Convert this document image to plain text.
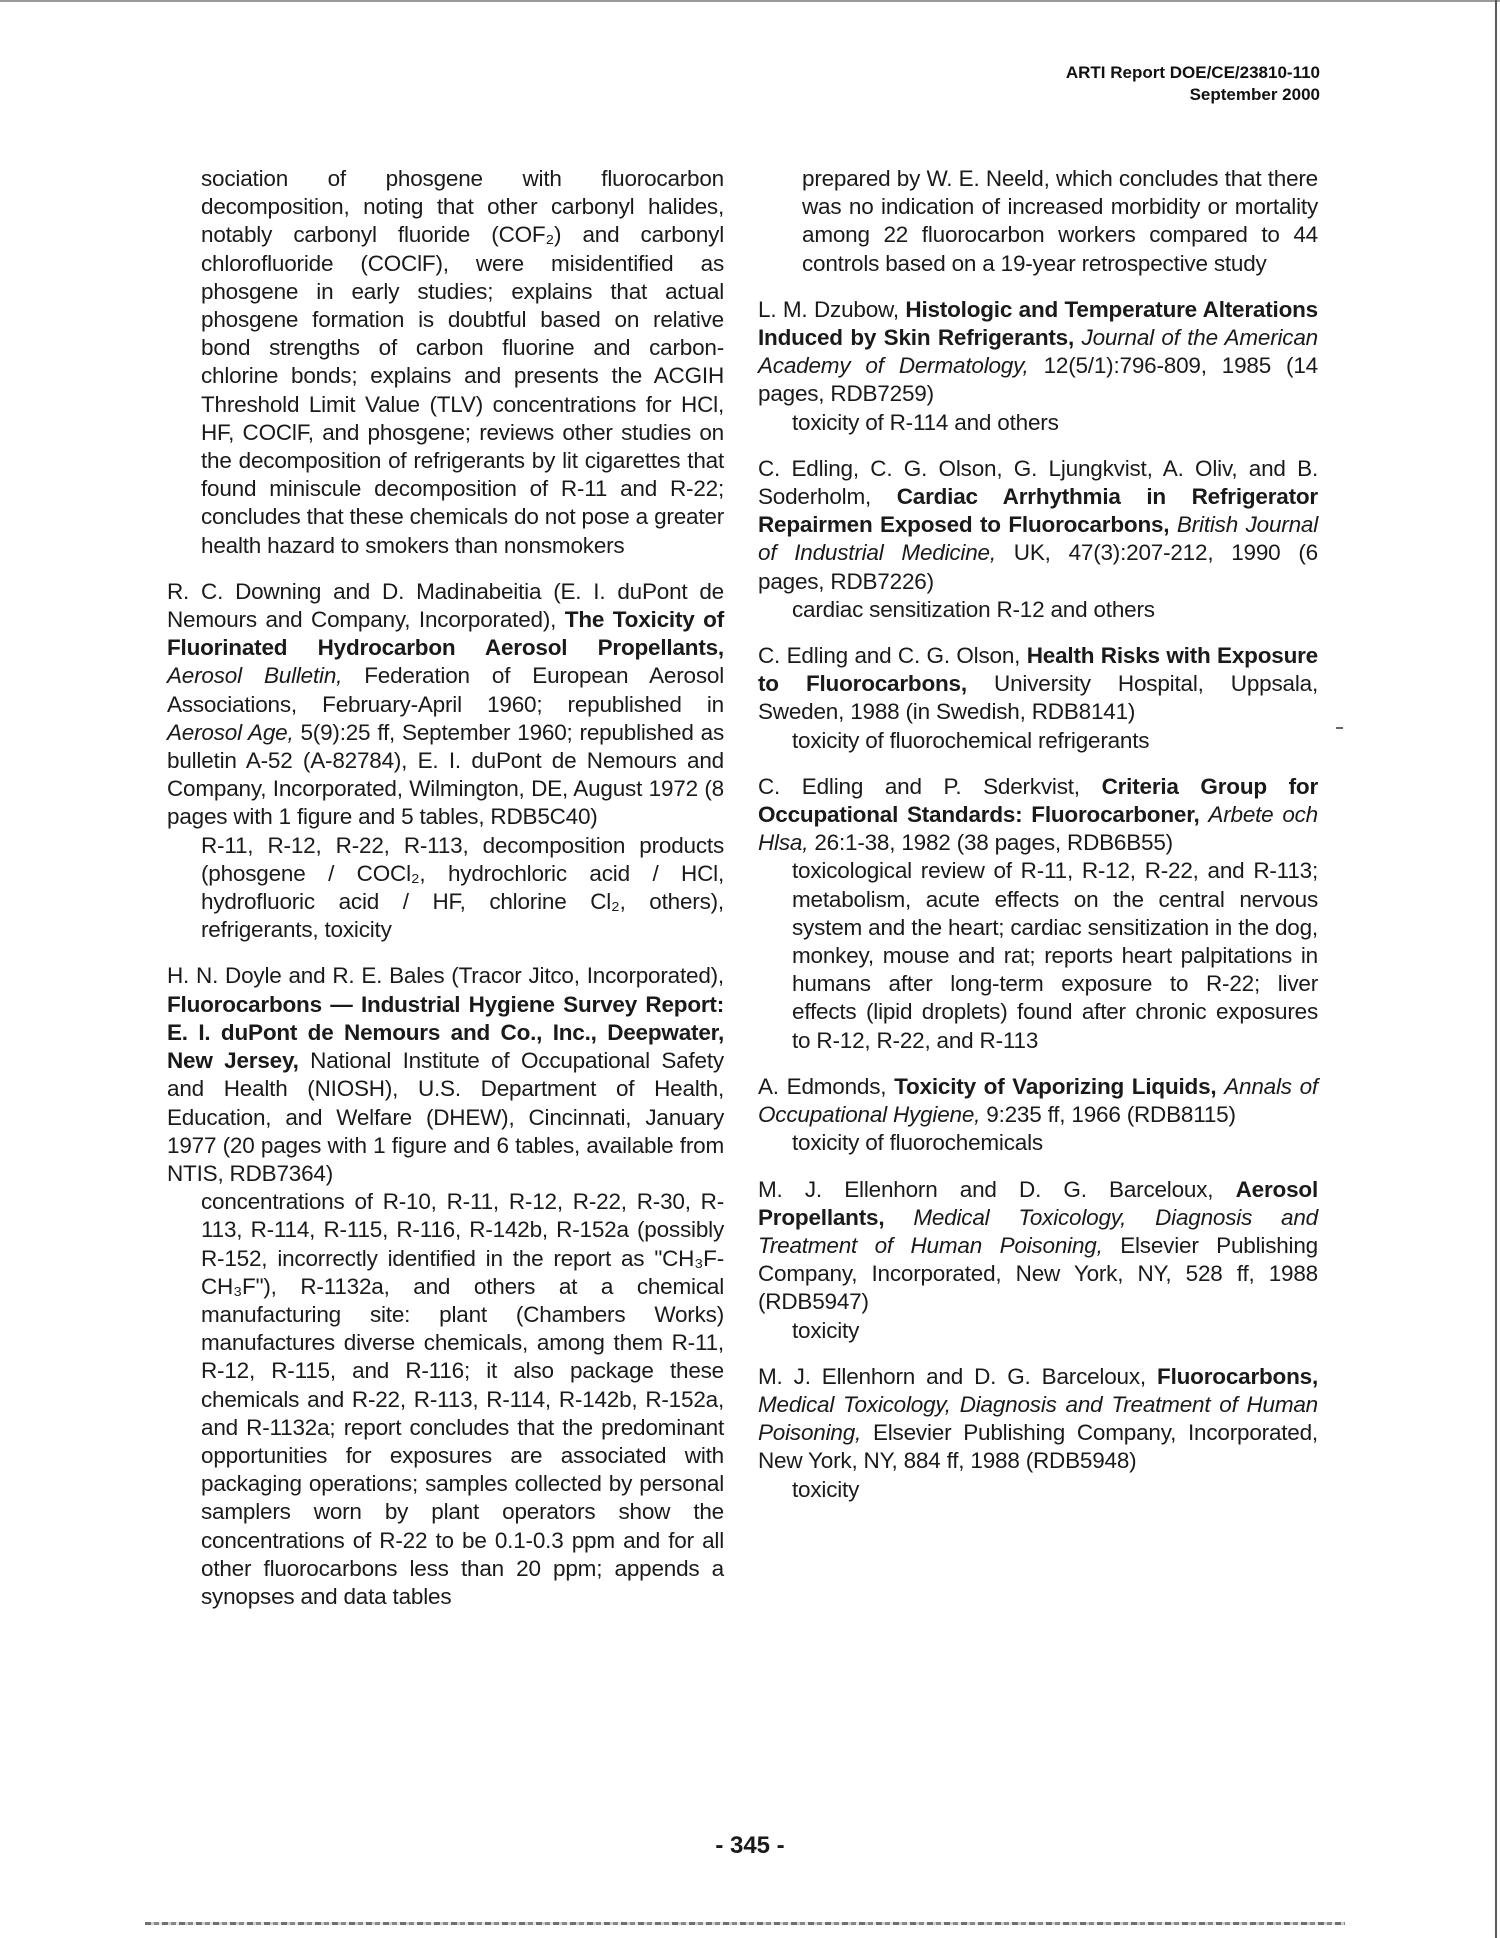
ARTI Report DOE/CE/23810-110
September 2000

sociation of phosgene with fluorocarbon decomposition, noting that other carbonyl halides, notably carbonyl fluoride (COF₂) and carbonyl chlorofluoride (COClF), were misidentified as phosgene in early studies; explains that actual phosgene formation is doubtful based on relative bond strengths of carbon fluorine and carbon-chlorine bonds; explains and presents the ACGIH Threshold Limit Value (TLV) concentrations for HCl, HF, COClF, and phosgene; reviews other studies on the decomposition of refrigerants by lit cigarettes that found miniscule decomposition of R-11 and R-22; concludes that these chemicals do not pose a greater health hazard to smokers than nonsmokers

R. C. Downing and D. Madinabeitia (E. I. duPont de Nemours and Company, Incorporated), The Toxicity of Fluorinated Hydrocarbon Aerosol Propellants, Aerosol Bulletin, Federation of European Aerosol Associations, February-April 1960; republished in Aerosol Age, 5(9):25 ff, September 1960; republished as bulletin A-52 (A-82784), E. I. duPont de Nemours and Company, Incorporated, Wilmington, DE, August 1972 (8 pages with 1 figure and 5 tables, RDB5C40)

R-11, R-12, R-22, R-113, decomposition products (phosgene / COCl₂, hydrochloric acid / HCl, hydrofluoric acid / HF, chlorine Cl₂, others), refrigerants, toxicity

H. N. Doyle and R. E. Bales (Tracor Jitco, Incorporated), Fluorocarbons — Industrial Hygiene Survey Report: E. I. duPont de Nemours and Co., Inc., Deepwater, New Jersey, National Institute of Occupational Safety and Health (NIOSH), U.S. Department of Health, Education, and Welfare (DHEW), Cincinnati, January 1977 (20 pages with 1 figure and 6 tables, available from NTIS, RDB7364)

concentrations of R-10, R-11, R-12, R-22, R-30, R-113, R-114, R-115, R-116, R-142b, R-152a (possibly R-152, incorrectly identified in the report as "CH₃F-CH₃F"), R-1132a, and others at a chemical manufacturing site: plant (Chambers Works) manufactures diverse chemicals, among them R-11, R-12, R-115, and R-116; it also package these chemicals and R-22, R-113, R-114, R-142b, R-152a, and R-1132a; report concludes that the predominant opportunities for exposures are associated with packaging operations; samples collected by personal samplers worn by plant operators show the concentrations of R-22 to be 0.1-0.3 ppm and for all other fluorocarbons less than 20 ppm; appends a synopses and data tables

prepared by W. E. Neeld, which concludes that there was no indication of increased morbidity or mortality among 22 fluorocarbon workers compared to 44 controls based on a 19-year retrospective study

L. M. Dzubow, Histologic and Temperature Alterations Induced by Skin Refrigerants, Journal of the American Academy of Dermatology, 12(5/1):796-809, 1985 (14 pages, RDB7259)

toxicity of R-114 and others

C. Edling, C. G. Olson, G. Ljungkvist, A. Oliv, and B. Soderholm, Cardiac Arrhythmia in Refrigerator Repairmen Exposed to Fluorocarbons, British Journal of Industrial Medicine, UK, 47(3):207-212, 1990 (6 pages, RDB7226)

cardiac sensitization R-12 and others

C. Edling and C. G. Olson, Health Risks with Exposure to Fluorocarbons, University Hospital, Uppsala, Sweden, 1988 (in Swedish, RDB8141)

toxicity of fluorochemical refrigerants

C. Edling and P. Sderkvist, Criteria Group for Occupational Standards: Fluorocarboner, Arbete och Hlsa, 26:1-38, 1982 (38 pages, RDB6B55)

toxicological review of R-11, R-12, R-22, and R-113; metabolism, acute effects on the central nervous system and the heart; cardiac sensitization in the dog, monkey, mouse and rat; reports heart palpitations in humans after long-term exposure to R-22; liver effects (lipid droplets) found after chronic exposures to R-12, R-22, and R-113

A. Edmonds, Toxicity of Vaporizing Liquids, Annals of Occupational Hygiene, 9:235 ff, 1966 (RDB8115)

toxicity of fluorochemicals

M. J. Ellenhorn and D. G. Barceloux, Aerosol Propellants, Medical Toxicology, Diagnosis and Treatment of Human Poisoning, Elsevier Publishing Company, Incorporated, New York, NY, 528 ff, 1988 (RDB5947)

toxicity

M. J. Ellenhorn and D. G. Barceloux, Fluorocarbons, Medical Toxicology, Diagnosis and Treatment of Human Poisoning, Elsevier Publishing Company, Incorporated, New York, NY, 884 ff, 1988 (RDB5948)

toxicity

- 345 -
